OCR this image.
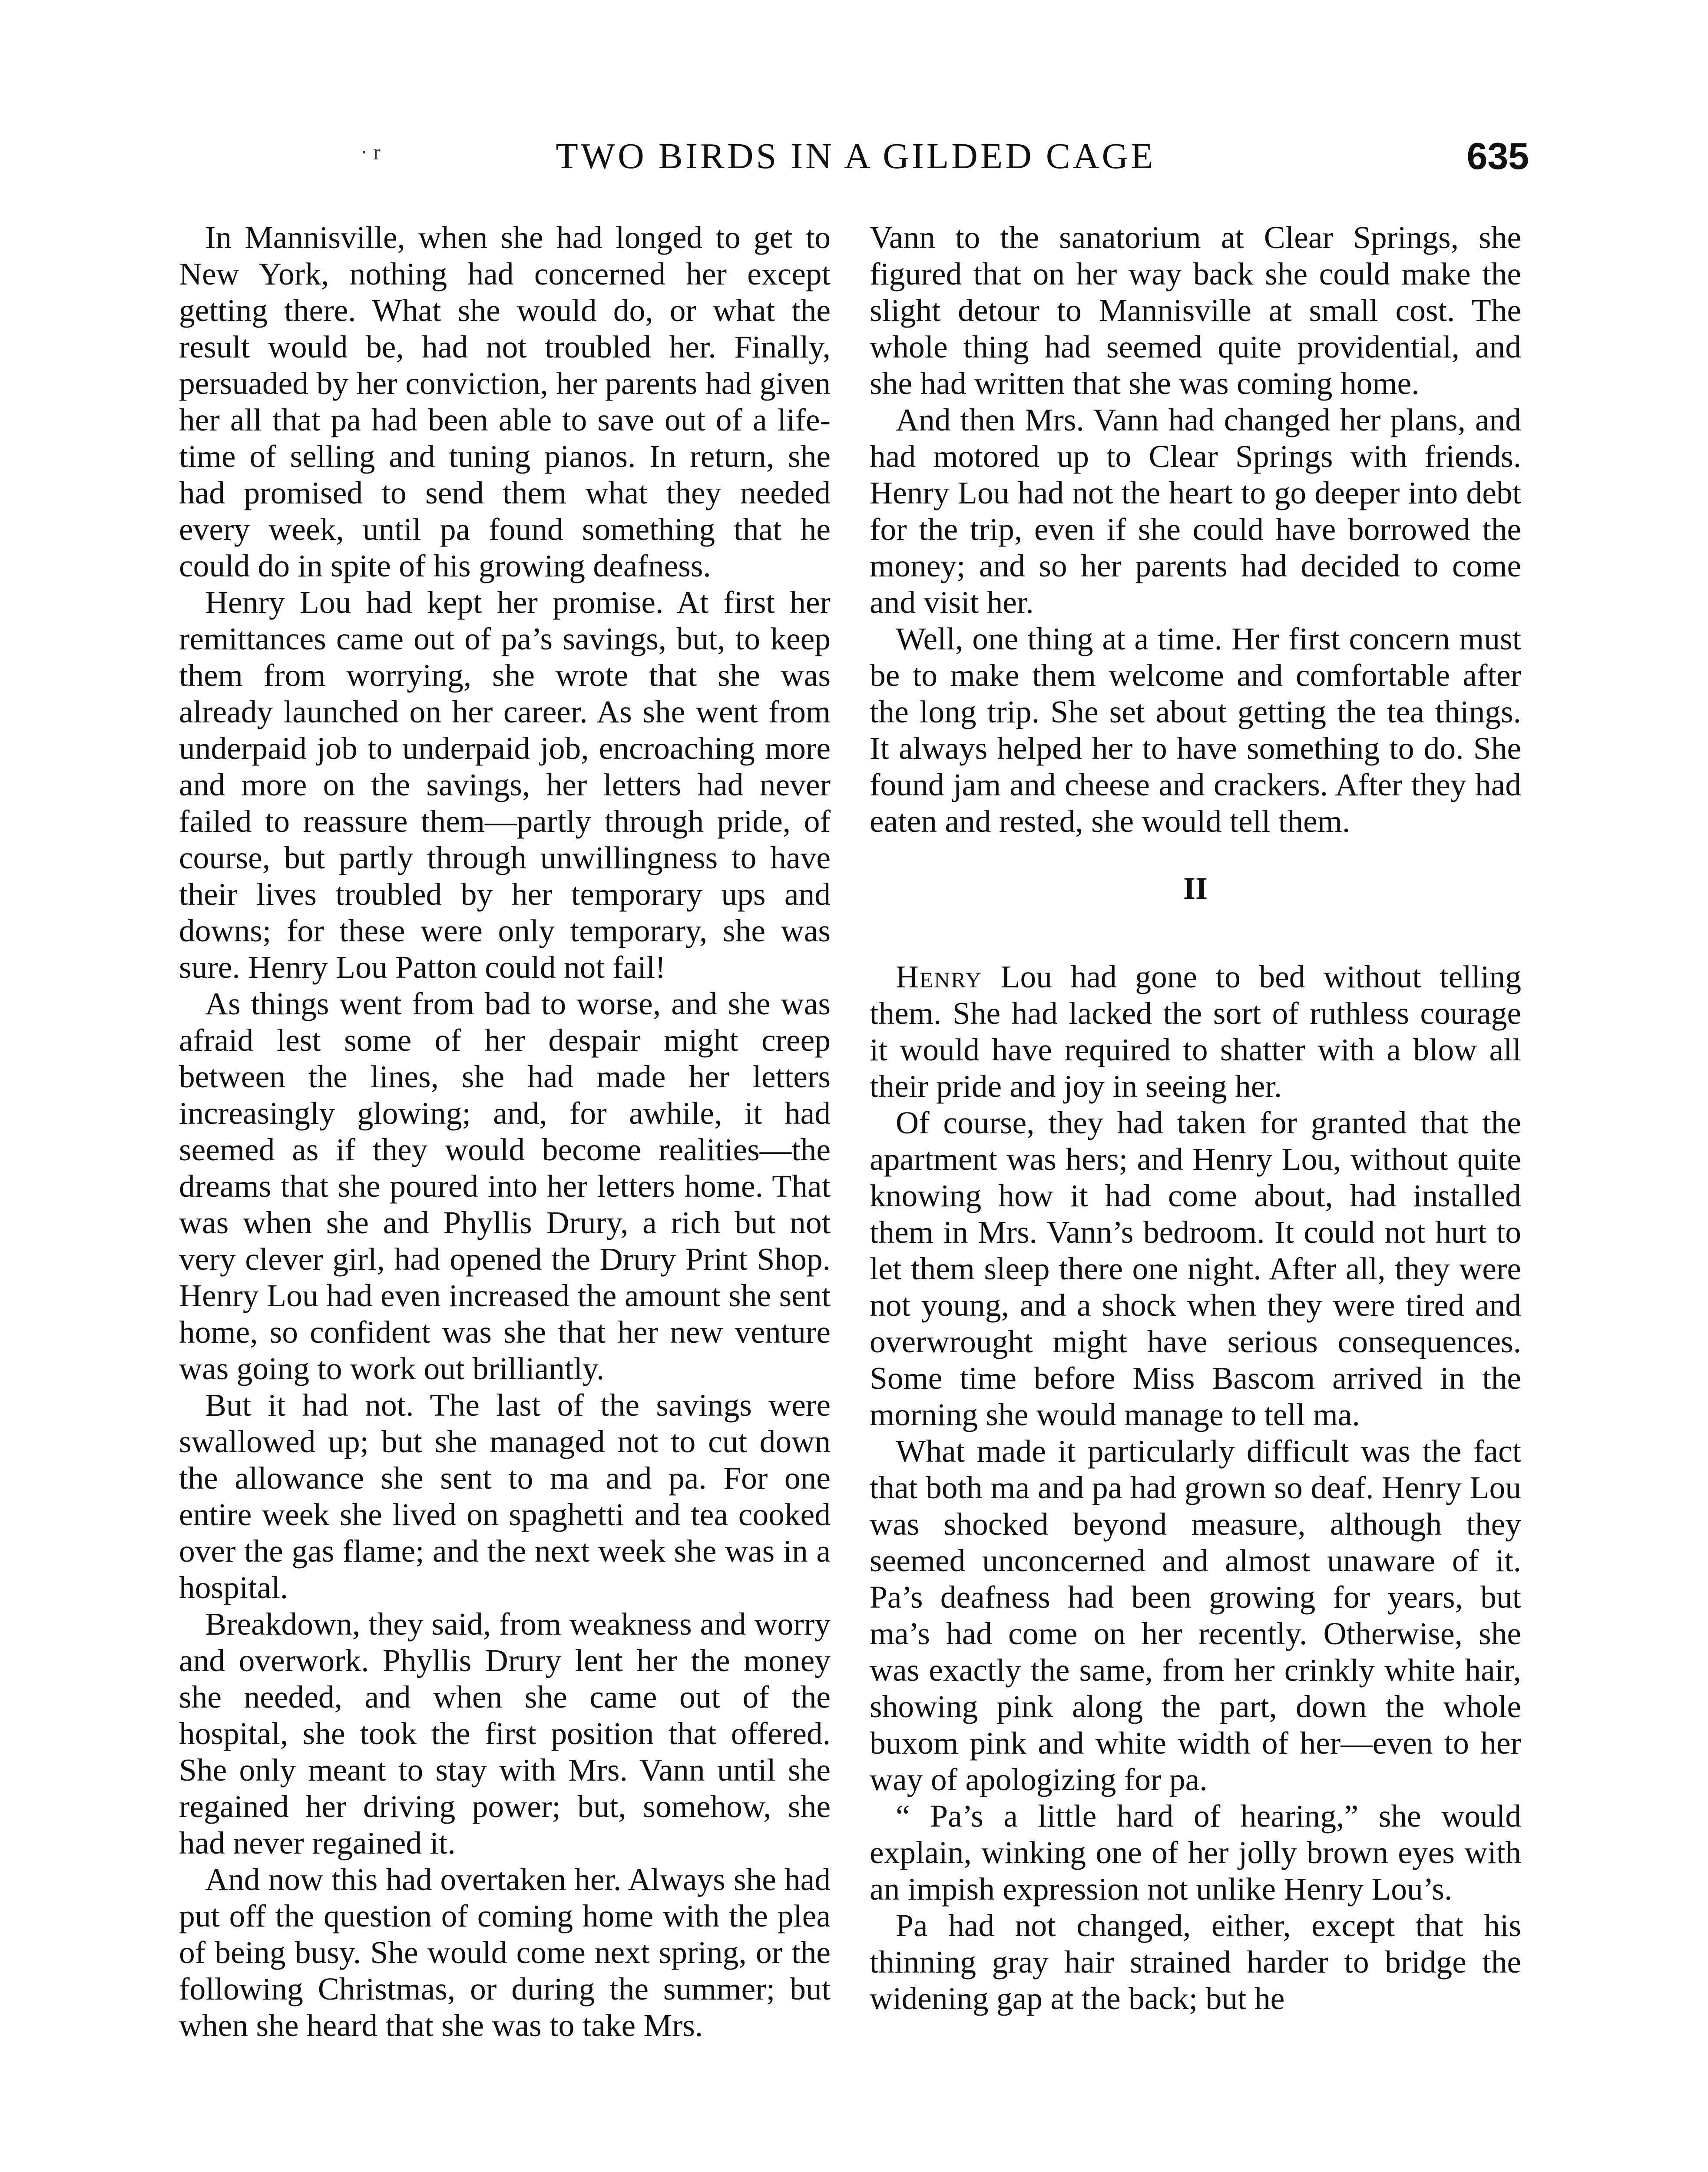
· r	TWO BIRDS IN A GILDED CAGE	635

In Mannisville, when she had longed to get to New York, nothing had concerned her except getting there. What she would do, or what the result would be, had not troubled her. Finally, persuaded by her conviction, her parents had given her all that pa had been able to save out of a life-time of selling and tuning pianos. In return, she had promised to send them what they needed every week, until pa found something that he could do in spite of his growing deafness.

Henry Lou had kept her promise. At first her remittances came out of pa’s savings, but, to keep them from worrying, she wrote that she was already launched on her career. As she went from underpaid job to underpaid job, encroaching more and more on the savings, her letters had never failed to reassure them—partly through pride, of course, but partly through unwillingness to have their lives troubled by her temporary ups and downs; for these were only temporary, she was sure. Henry Lou Patton could not fail!

As things went from bad to worse, and she was afraid lest some of her despair might creep between the lines, she had made her letters increasingly glowing; and, for awhile, it had seemed as if they would become realities—the dreams that she poured into her letters home. That was when she and Phyllis Drury, a rich but not very clever girl, had opened the Drury Print Shop. Henry Lou had even increased the amount she sent home, so confident was she that her new venture was going to work out brilliantly.

But it had not. The last of the savings were swallowed up; but she managed not to cut down the allowance she sent to ma and pa. For one entire week she lived on spaghetti and tea cooked over the gas flame; and the next week she was in a hospital.

Breakdown, they said, from weakness and worry and overwork. Phyllis Drury lent her the money she needed, and when she came out of the hospital, she took the first position that offered. She only meant to stay with Mrs. Vann until she regained her driving power; but, somehow, she had never regained it.

And now this had overtaken her. Always she had put off the question of coming home with the plea of being busy. She would come next spring, or the following Christmas, or during the summer; but when she heard that she was to take Mrs.

Vann to the sanatorium at Clear Springs, she figured that on her way back she could make the slight detour to Mannisville at small cost. The whole thing had seemed quite providential, and she had written that she was coming home.

And then Mrs. Vann had changed her plans, and had motored up to Clear Springs with friends. Henry Lou had not the heart to go deeper into debt for the trip, even if she could have borrowed the money; and so her parents had decided to come and visit her.

Well, one thing at a time. Her first concern must be to make them welcome and comfortable after the long trip. She set about getting the tea things. It always helped her to have something to do. She found jam and cheese and crackers. After they had eaten and rested, she would tell them.

II

Henry Lou had gone to bed without telling them. She had lacked the sort of ruthless courage it would have required to shatter with a blow all their pride and joy in seeing her.

Of course, they had taken for granted that the apartment was hers; and Henry Lou, without quite knowing how it had come about, had installed them in Mrs. Vann’s bedroom. It could not hurt to let them sleep there one night. After all, they were not young, and a shock when they were tired and overwrought might have serious consequences. Some time before Miss Bascom arrived in the morning she would manage to tell ma.

What made it particularly difficult was the fact that both ma and pa had grown so deaf. Henry Lou was shocked beyond measure, although they seemed unconcerned and almost unaware of it. Pa’s deafness had been growing for years, but ma’s had come on her recently. Otherwise, she was exactly the same, from her crinkly white hair, showing pink along the part, down the whole buxom pink and white width of her—even to her way of apologizing for pa.

“ Pa’s a little hard of hearing,” she would explain, winking one of her jolly brown eyes with an impish expression not unlike Henry Lou’s.

Pa had not changed, either, except that his thinning gray hair strained harder to bridge the widening gap at the back; but he
